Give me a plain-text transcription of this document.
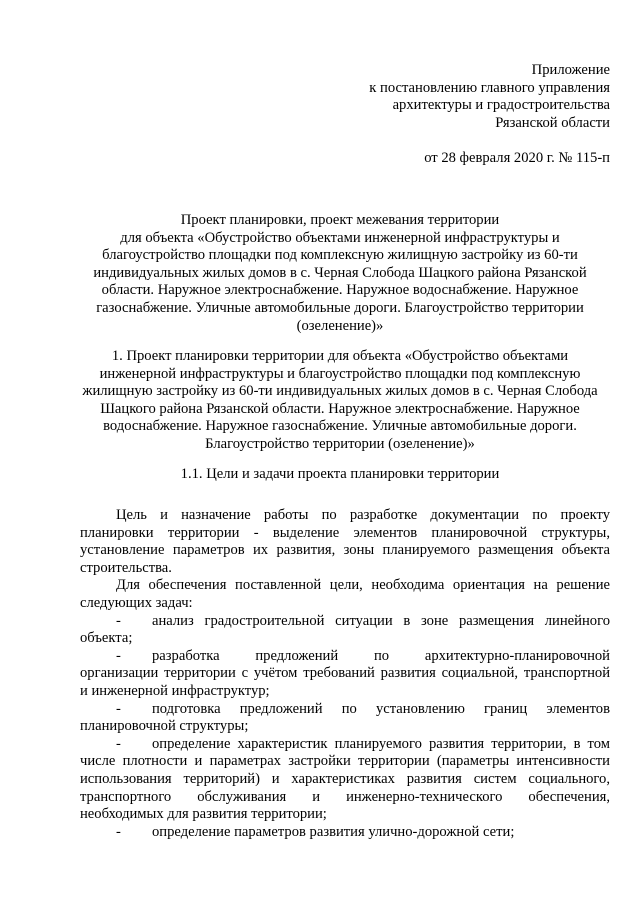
Приложение
к постановлению главного управления
архитектуры и градостроительства
Рязанской области
от 28 февраля 2020 г. № 115-п
Проект планировки, проект межевания территории
для объекта «Обустройство объектами инженерной инфраструктуры и
благоустройство площадки под комплексную жилищную застройку из 60-ти
индивидуальных жилых домов в с. Черная Слобода Шацкого района Рязанской
области. Наружное электроснабжение. Наружное водоснабжение. Наружное
газоснабжение. Уличные автомобильные дороги. Благоустройство территории
(озеленение)»
1. Проект планировки территории для объекта «Обустройство объектами
инженерной инфраструктуры и благоустройство площадки под комплексную
жилищную застройку из 60-ти индивидуальных жилых домов в с. Черная Слобода
Шацкого района Рязанской области. Наружное электроснабжение. Наружное
водоснабжение. Наружное газоснабжение. Уличные автомобильные дороги.
Благоустройство территории (озеленение)»
1.1. Цели и задачи проекта планировки территории
Цель и назначение работы по разработке документации по проекту
планировки территории - выделение элементов планировочной структуры,
установление параметров их развития, зоны планируемого размещения объекта
строительства.
Для обеспечения поставленной цели, необходима ориентация на решение
следующих задач:
- анализ градостроительной ситуации в зоне размещения линейного
объекта;
- разработка предложений по архитектурно-планировочной
организации территории с учётом требований развития социальной, транспортной
и инженерной инфраструктур;
- подготовка предложений по установлению границ элементов
планировочной структуры;
- определение характеристик планируемого развития территории, в том
числе плотности и параметрах застройки территории (параметры интенсивности
использования территорий) и характеристиках развития систем социального,
транспортного обслуживания и инженерно-технического обеспечения,
необходимых для развития территории;
- определение параметров развития улично-дорожной сети;
